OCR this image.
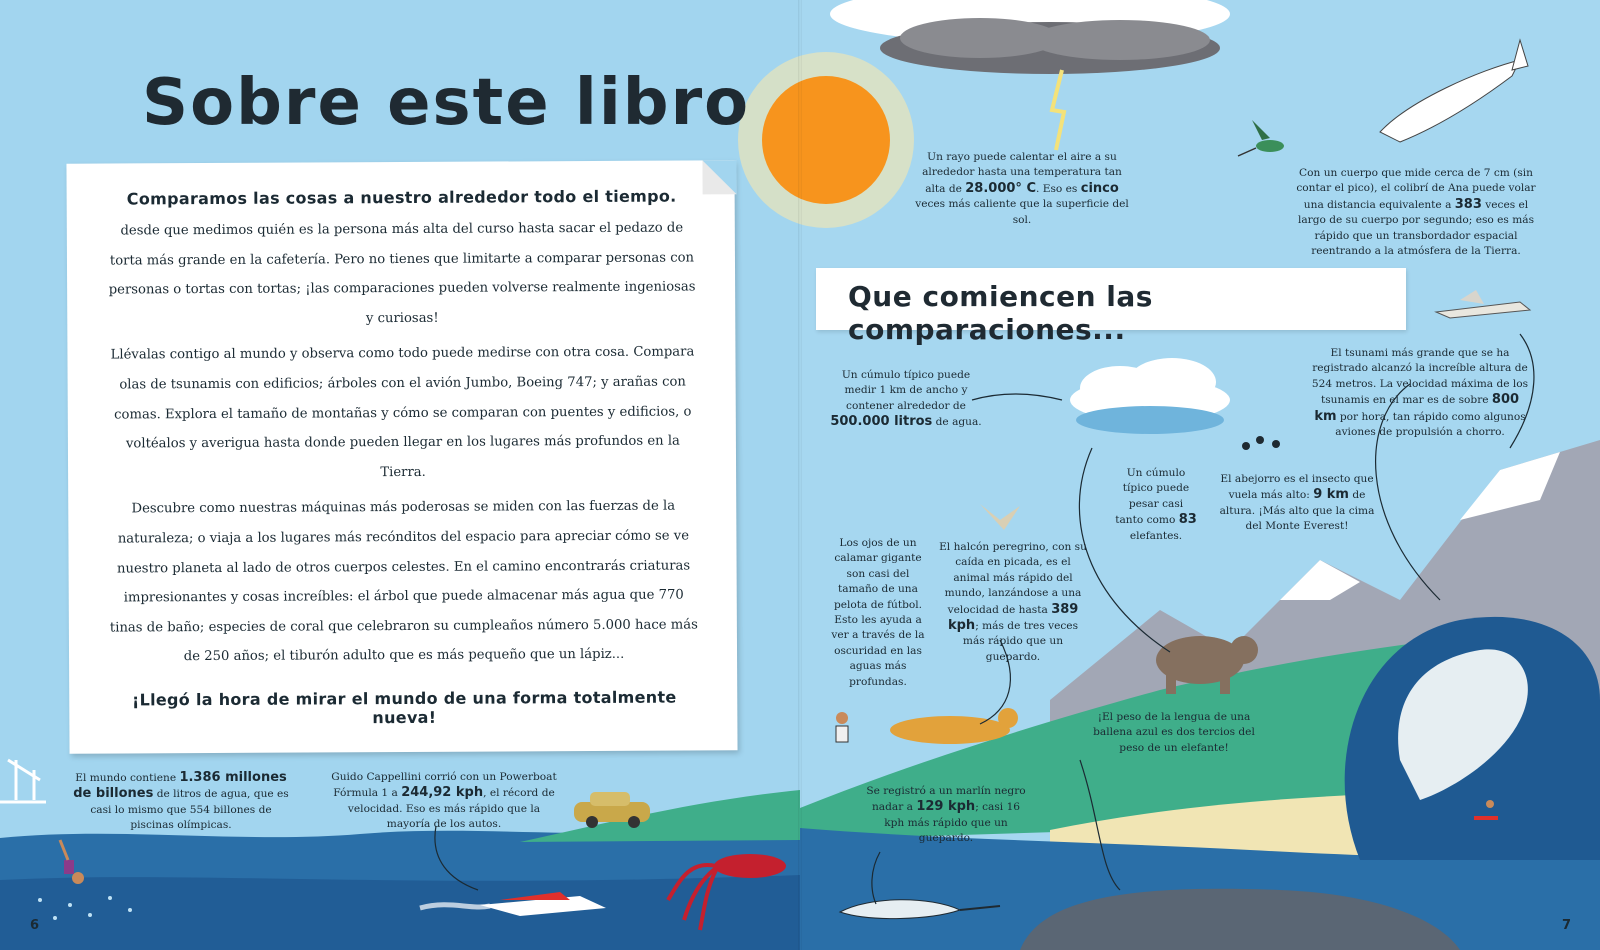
Sobre este libro

Comparamos las cosas a nuestro alrededor todo el tiempo.

desde que medimos quién es la persona más alta del curso hasta sacar el pedazo de torta más grande en la cafetería. Pero no tienes que limitarte a comparar personas con personas o tortas con tortas; ¡las comparaciones pueden volverse realmente ingeniosas y curiosas!

Llévalas contigo al mundo y observa como todo puede medirse con otra cosa. Compara olas de tsunamis con edificios; árboles con el avión Jumbo, Boeing 747; y arañas con comas. Explora el tamaño de montañas y cómo se comparan con puentes y edificios, o voltéalos y averigua hasta donde pueden llegar en los lugares más profundos en la Tierra.

Descubre como nuestras máquinas más poderosas se miden con las fuerzas de la naturaleza; o viaja a los lugares más recónditos del espacio para apreciar cómo se ve nuestro planeta al lado de otros cuerpos celestes. En el camino encontrarás criaturas impresionantes y cosas increíbles: el árbol que puede almacenar más agua que 770 tinas de baño; especies de coral que celebraron su cumpleaños número 5.000 hace más de 250 años; el tiburón adulto que es más pequeño que un lápiz...

¡Llegó la hora de mirar el mundo de una forma totalmente nueva!

El mundo contiene 1.386 millones de billones de litros de agua, que es casi lo mismo que 554 billones de piscinas olímpicas.

Guido Cappellini corrió con un Powerboat Fórmula 1 a 244,92 kph, el récord de velocidad. Eso es más rápido que la mayoría de los autos.

6
Que comiencen las comparaciones...

Un rayo puede calentar el aire a su alrededor hasta una temperatura tan alta de 28.000° C. Eso es cinco veces más caliente que la superficie del sol.

Con un cuerpo que mide cerca de 7 cm (sin contar el pico), el colibrí de Ana puede volar una distancia equivalente a 383 veces el largo de su cuerpo por segundo; eso es más rápido que un transbordador espacial reentrando a la atmósfera de la Tierra.

Un cúmulo típico puede medir 1 km de ancho y contener alrededor de 500.000 litros de agua.

El tsunami más grande que se ha registrado alcanzó la increíble altura de 524 metros. La velocidad máxima de los tsunamis en el mar es de sobre 800 km por hora, tan rápido como algunos aviones de propulsión a chorro.

Un cúmulo típico puede pesar casi tanto como 83 elefantes.

El abejorro es el insecto que vuela más alto: 9 km de altura. ¡Más alto que la cima del Monte Everest!

Los ojos de un calamar gigante son casi del tamaño de una pelota de fútbol. Esto les ayuda a ver a través de la oscuridad en las aguas más profundas.

El halcón peregrino, con su caída en picada, es el animal más rápido del mundo, lanzándose a una velocidad de hasta 389 kph; más de tres veces más rápido que un guepardo.

¡El peso de la lengua de una ballena azul es dos tercios del peso de un elefante!

Se registró a un marlín negro nadar a 129 kph; casi 16 kph más rápido que un guepardo.

7
